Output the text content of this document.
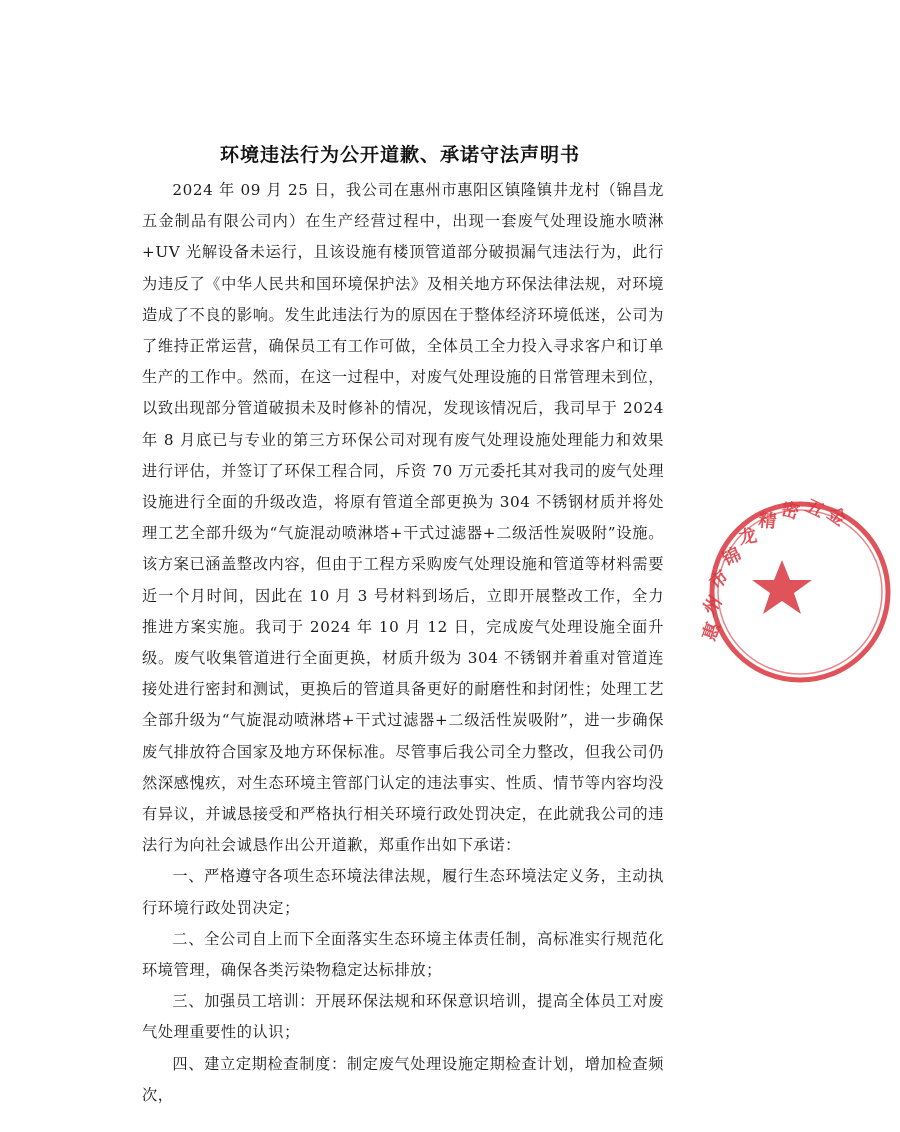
环境违法行为公开道歉、承诺守法声明书

2024 年 09 月 25 日，我公司在惠州市惠阳区镇隆镇井龙村（锦昌龙五金制品有限公司内）在生产经营过程中，出现一套废气处理设施水喷淋+UV 光解设备未运行，且该设施有楼顶管道部分破损漏气违法行为，此行为违反了《中华人民共和国环境保护法》及相关地方环保法律法规，对环境造成了不良的影响。发生此违法行为的原因在于整体经济环境低迷，公司为了维持正常运营，确保员工有工作可做，全体员工全力投入寻求客户和订单生产的工作中。然而，在这一过程中，对废气处理设施的日常管理未到位，以致出现部分管道破损未及时修补的情况，发现该情况后，我司早于 2024 年 8 月底已与专业的第三方环保公司对现有废气处理设施处理能力和效果进行评估，并签订了环保工程合同，斥资 70 万元委托其对我司的废气处理设施进行全面的升级改造，将原有管道全部更换为 304 不锈钢材质并将处理工艺全部升级为“气旋混动喷淋塔+干式过滤器+二级活性炭吸附”设施。该方案已涵盖整改内容，但由于工程方采购废气处理设施和管道等材料需要近一个月时间，因此在 10 月 3 号材料到场后，立即开展整改工作，全力推进方案实施。我司于 2024 年 10 月 12 日，完成废气处理设施全面升级。废气收集管道进行全面更换，材质升级为 304 不锈钢并着重对管道连接处进行密封和测试，更换后的管道具备更好的耐磨性和封闭性；处理工艺全部升级为“气旋混动喷淋塔+干式过滤器+二级活性炭吸附”，进一步确保废气排放符合国家及地方环保标准。尽管事后我公司全力整改，但我公司仍然深感愧疚，对生态环境主管部门认定的违法事实、性质、情节等内容均没有异议，并诚恳接受和严格执行相关环境行政处罚决定，在此就我公司的违法行为向社会诚恳作出公开道歉，郑重作出如下承诺：

一、严格遵守各项生态环境法律法规，履行生态环境法定义务，主动执行环境行政处罚决定；

二、全公司自上而下全面落实生态环境主体责任制，高标准实行规范化环境管理，确保各类污染物稳定达标排放；

三、加强员工培训：开展环保法规和环保意识培训，提高全体员工对废气处理重要性的认识；

四、建立定期检查制度：制定废气处理设施定期检查计划，增加检查频次，

惠
州
市
锦
龙
精 密 五
金
